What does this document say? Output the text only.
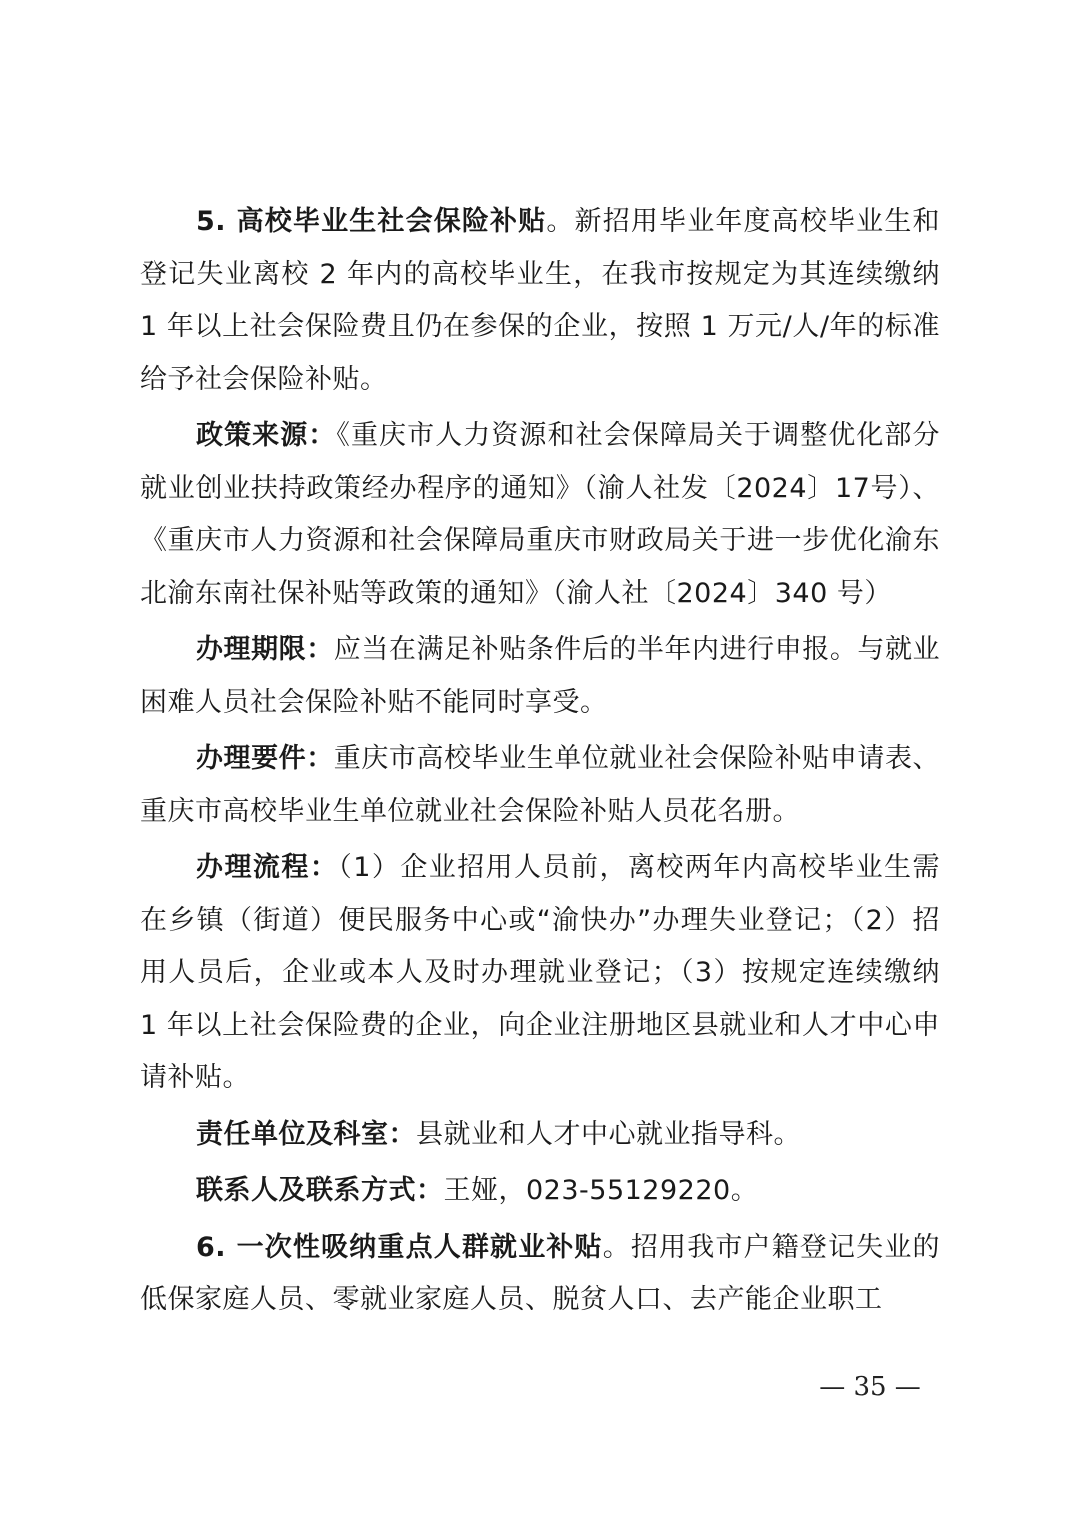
5. 高校毕业生社会保险补贴。新招用毕业年度高校毕业生和登记失业离校 2 年内的高校毕业生，在我市按规定为其连续缴纳 1 年以上社会保险费且仍在参保的企业，按照 1 万元/人/年的标准给予社会保险补贴。

政策来源：《重庆市人力资源和社会保障局关于调整优化部分就业创业扶持政策经办程序的通知》（渝人社发〔2024〕17号）、《重庆市人力资源和社会保障局重庆市财政局关于进一步优化渝东北渝东南社保补贴等政策的通知》（渝人社〔2024〕340 号）

办理期限：应当在满足补贴条件后的半年内进行申报。与就业困难人员社会保险补贴不能同时享受。

办理要件：重庆市高校毕业生单位就业社会保险补贴申请表、重庆市高校毕业生单位就业社会保险补贴人员花名册。

办理流程：（1）企业招用人员前，离校两年内高校毕业生需在乡镇（街道）便民服务中心或“渝快办”办理失业登记；（2）招用人员后，企业或本人及时办理就业登记；（3）按规定连续缴纳 1 年以上社会保险费的企业，向企业注册地区县就业和人才中心申请补贴。

责任单位及科室：县就业和人才中心就业指导科。

联系人及联系方式：王娅，023-55129220。

6. 一次性吸纳重点人群就业补贴。招用我市户籍登记失业的低保家庭人员、零就业家庭人员、脱贫人口、去产能企业职工

— 35 —
